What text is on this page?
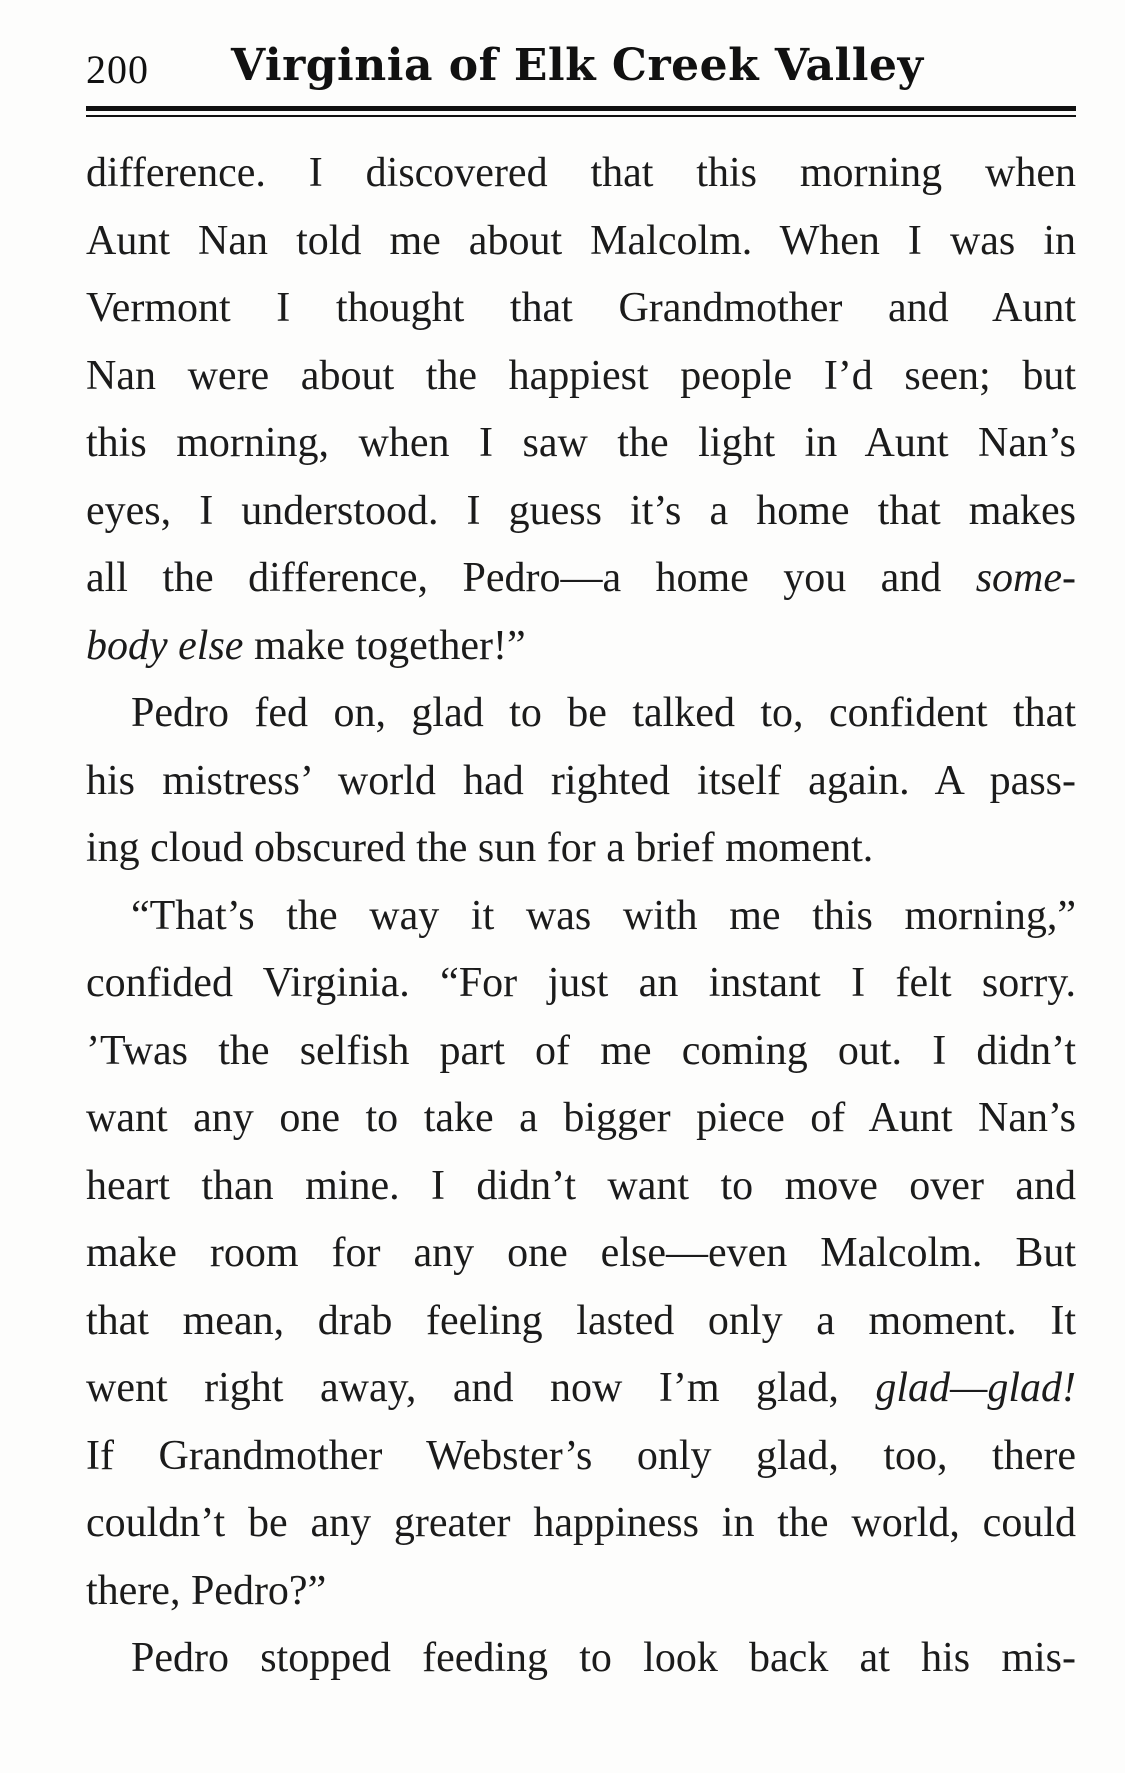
200 Virginia of Elk Creek Valley
difference. I discovered that this morning when
Aunt Nan told me about Malcolm. When I was in
Vermont I thought that Grandmother and Aunt
Nan were about the happiest people I’d seen; but
this morning, when I saw the light in Aunt Nan’s
eyes, I understood. I guess it’s a home that makes
all the difference, Pedro—a home you and some-
body else make together!”
Pedro fed on, glad to be talked to, confident that
his mistress’ world had righted itself again. A pass-
ing cloud obscured the sun for a brief moment.
“That’s the way it was with me this morning,”
confided Virginia. “For just an instant I felt sorry.
’Twas the selfish part of me coming out. I didn’t
want any one to take a bigger piece of Aunt Nan’s
heart than mine. I didn’t want to move over and
make room for any one else—even Malcolm. But
that mean, drab feeling lasted only a moment. It
went right away, and now I’m glad, glad—glad!
If Grandmother Webster’s only glad, too, there
couldn’t be any greater happiness in the world, could
there, Pedro?”
Pedro stopped feeding to look back at his mis-
